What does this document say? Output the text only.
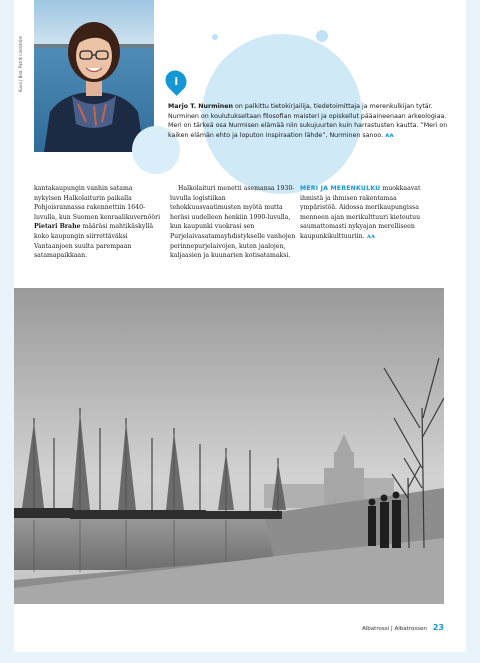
Kuva | Bild: Patrik Lindström	i

Marjo T. Nurminen on palkittu tietokirjailija, tiedetoimittaja ja merenkulkijan tytär. Nurminen on koulutukseltaan filosofian maisteri ja opiskellut pääaineenaan arkeologiaa. Meri on tärkeä osa Nurmisen elämää niin sukujuurten kuin harrastusten kautta. ”Meri on kaiken elämän ehto ja loputon inspiraation lähde”, Nurminen sanoo. ᴀᴀ

kantakaupungin vanhin satama nykyisen Halkolaiturin paikalla Pohjoisrannassa rakennettiin 1640-luvulla, kun Suomen kenraalikuvernööri Pietari Brahe määräsi mahtikäskyllä koko kaupungin siirrettäväksi Vantaanjoen suulta parempaan satamapaikkaan.

Halkolaituri menetti asemansa 1930-luvulla logistiikan tehokkuusvaatimusten myötä mutta heräsi uudelleen henkiin 1990-luvulla, kun kaupunki vuokrasi sen Purjelaivasatamayhdistykselle vanhojen perinnepurjelaivojen, kuten jaalojen, kaljaasien ja kuunarien kotisatamaksi.

MERI JA MERENKULKU muokkaavat ihmistä ja ihmisen rakentamaa ympäristöä. Aidossa merikaupungissa menneen ajan merikulttuuri kietoutuu saumattomasti nykyajan merelliseen kaupunkikulttuuriin. ᴀᴀ

Albatrossi | Albatrossen 23
